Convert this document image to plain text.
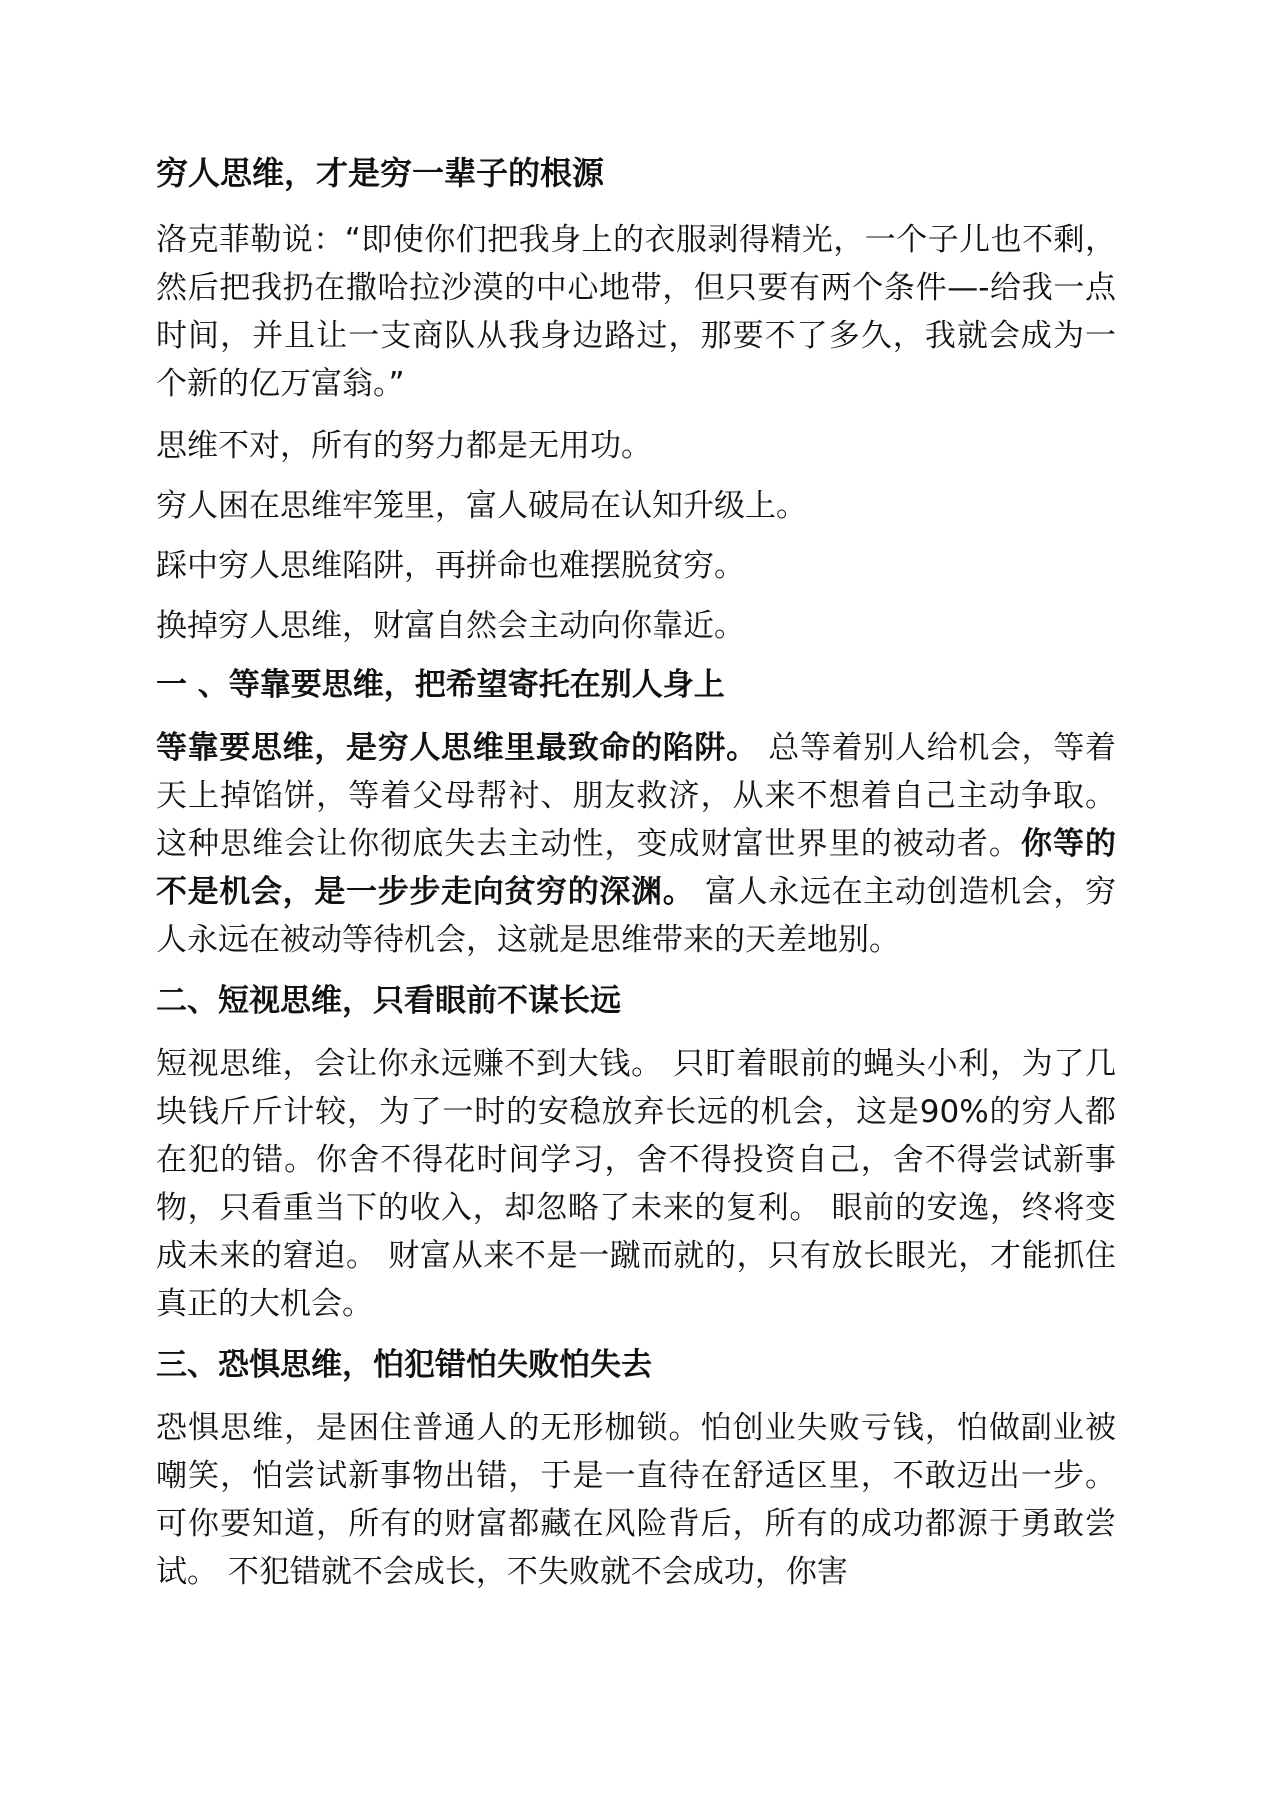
穷人思维，才是穷一辈子的根源

洛克菲勒说：“即使你们把我身上的衣服剥得精光，一个子儿也不剩，然后把我扔在撒哈拉沙漠的中心地带，但只要有两个条件—-给我一点时间，并且让一支商队从我身边路过，那要不了多久，我就会成为一个新的亿万富翁。”

思维不对，所有的努力都是无用功。

穷人困在思维牢笼里，富人破局在认知升级上。

踩中穷人思维陷阱，再拼命也难摆脱贫穷。

换掉穷人思维，财富自然会主动向你靠近。

一 、等靠要思维，把希望寄托在别人身上

等靠要思维，是穷人思维里最致命的陷阱。 总等着别人给机会，等着天上掉馅饼，等着父母帮衬、朋友救济，从来不想着自己主动争取。这种思维会让你彻底失去主动性，变成财富世界里的被动者。你等的不是机会，是一步步走向贫穷的深渊。 富人永远在主动创造机会，穷人永远在被动等待机会，这就是思维带来的天差地别。

二、短视思维，只看眼前不谋长远

短视思维，会让你永远赚不到大钱。 只盯着眼前的蝇头小利，为了几块钱斤斤计较，为了一时的安稳放弃长远的机会，这是90%的穷人都在犯的错。你舍不得花时间学习，舍不得投资自己，舍不得尝试新事物，只看重当下的收入，却忽略了未来的复利。 眼前的安逸，终将变成未来的窘迫。 财富从来不是一蹴而就的，只有放长眼光，才能抓住真正的大机会。

三、恐惧思维，怕犯错怕失败怕失去

恐惧思维，是困住普通人的无形枷锁。怕创业失败亏钱，怕做副业被嘲笑，怕尝试新事物出错，于是一直待在舒适区里，不敢迈出一步。可你要知道，所有的财富都藏在风险背后，所有的成功都源于勇敢尝试。 不犯错就不会成长，不失败就不会成功，你害
